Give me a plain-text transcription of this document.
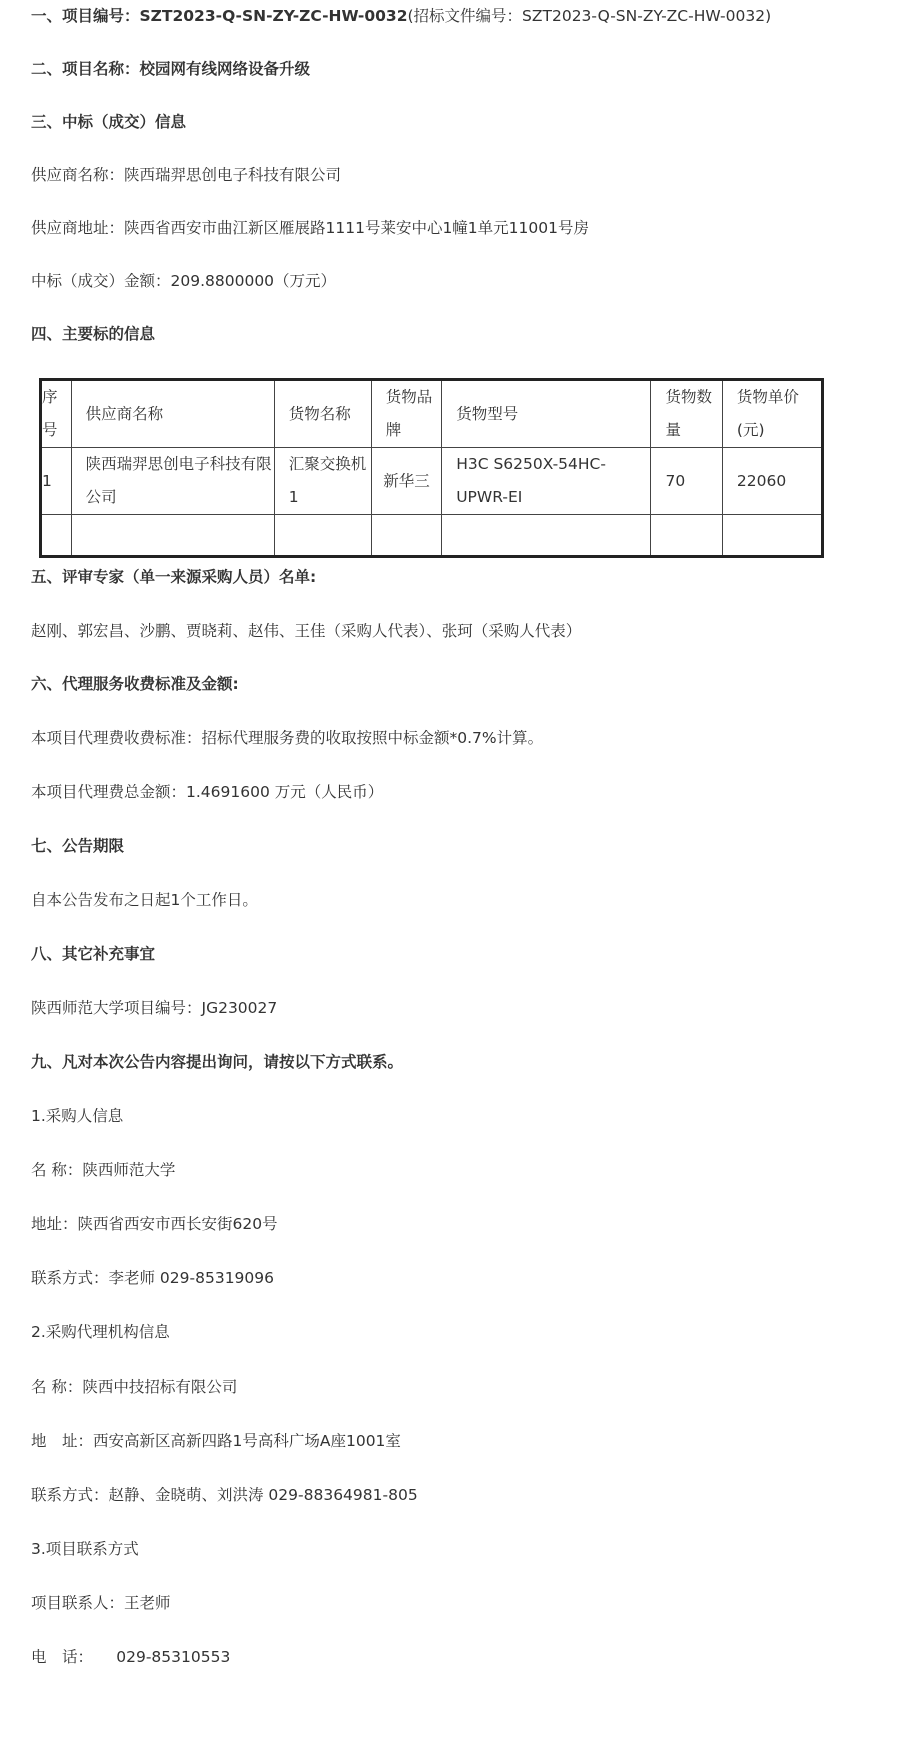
一、项目编号：SZT2023-Q-SN-ZY-ZC-HW-0032(招标文件编号：SZT2023-Q-SN-ZY-ZC-HW-0032)
二、项目名称：校园网有线网络设备升级
三、中标（成交）信息
供应商名称：陕西瑞羿思创电子科技有限公司
供应商地址：陕西省西安市曲江新区雁展路1111号莱安中心1幢1单元11001号房
中标（成交）金额：209.8800000（万元）
四、主要标的信息
序号	供应商名称	货物名称	货物品牌	货物型号	货物数量	货物单价(元)
1	陕西瑞羿思创电子科技有限公司	汇聚交换机1	新华三	H3C S6250X-54HC-UPWR-EI	70	22060

五、评审专家（单一来源采购人员）名单:
赵刚、郭宏昌、沙鹏、贾晓莉、赵伟、王佳（采购人代表）、张珂（采购人代表）
六、代理服务收费标准及金额:
本项目代理费收费标准：招标代理服务费的收取按照中标金额*0.7%计算。
本项目代理费总金额：1.4691600 万元（人民币）
七、公告期限
自本公告发布之日起1个工作日。
八、其它补充事宜
陕西师范大学项目编号：JG230027
九、凡对本次公告内容提出询问，请按以下方式联系。
1.采购人信息
名 称：陕西师范大学
地址：陕西省西安市西长安街620号
联系方式：李老师 029-85319096
2.采购代理机构信息
名 称：陕西中技招标有限公司
地　址：西安高新区高新四路1号高科广场A座1001室
联系方式：赵静、金晓萌、刘洪涛 029-88364981-805
3.项目联系方式
项目联系人：王老师
电　话：　　029-85310553
